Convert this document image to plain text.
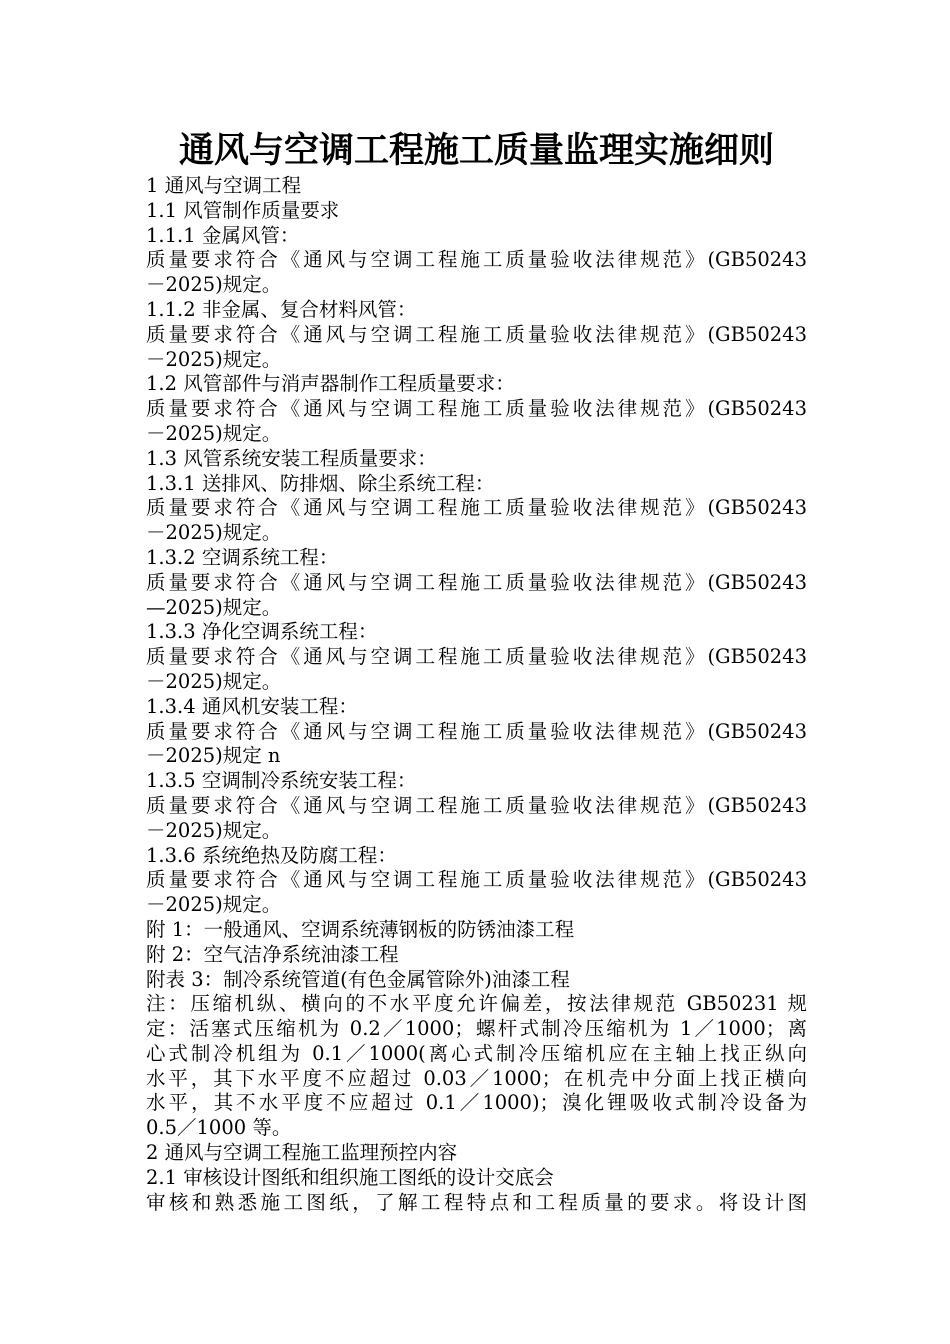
通风与空调工程施工质量监理实施细则
1 通风与空调工程
1.1 风管制作质量要求
1.1.1 金属风管：
质量要求符合《通风与空调工程施工质量验收法律规范》(GB50243
－2025)规定。
1.1.2 非金属、复合材料风管：
质量要求符合《通风与空调工程施工质量验收法律规范》(GB50243
－2025)规定。
1.2 风管部件与消声器制作工程质量要求：
质量要求符合《通风与空调工程施工质量验收法律规范》(GB50243
－2025)规定。
1.3 风管系统安装工程质量要求：
1.3.1 送排风、防排烟、除尘系统工程：
质量要求符合《通风与空调工程施工质量验收法律规范》(GB50243
－2025)规定。
1.3.2 空调系统工程：
质量要求符合《通风与空调工程施工质量验收法律规范》(GB50243
—2025)规定。
1.3.3 净化空调系统工程：
质量要求符合《通风与空调工程施工质量验收法律规范》(GB50243
－2025)规定。
1.3.4 通风机安装工程：
质量要求符合《通风与空调工程施工质量验收法律规范》(GB50243
－2025)规定 n
1.3.5 空调制冷系统安装工程：
质量要求符合《通风与空调工程施工质量验收法律规范》(GB50243
－2025)规定。
1.3.6 系统绝热及防腐工程：
质量要求符合《通风与空调工程施工质量验收法律规范》(GB50243
－2025)规定。
附 1：一般通风、空调系统薄钢板的防锈油漆工程
附 2：空气洁净系统油漆工程
附表 3：制冷系统管道(有色金属管除外)油漆工程
注：压缩机纵、横向的不水平度允许偏差，按法律规范 GB50231 规
定：活塞式压缩机为 0.2／1000；螺杆式制冷压缩机为 1／1000；离
心式制冷机组为 0.1／1000(离心式制冷压缩机应在主轴上找正纵向
水平，其下水平度不应超过 0.03／1000；在机壳中分面上找正横向
水平，其不水平度不应超过 0.1／1000)；溴化锂吸收式制冷设备为
0.5／1000 等。
2 通风与空调工程施工监理预控内容
2.1 审核设计图纸和组织施工图纸的设计交底会
审核和熟悉施工图纸，了解工程特点和工程质量的要求。将设计图
